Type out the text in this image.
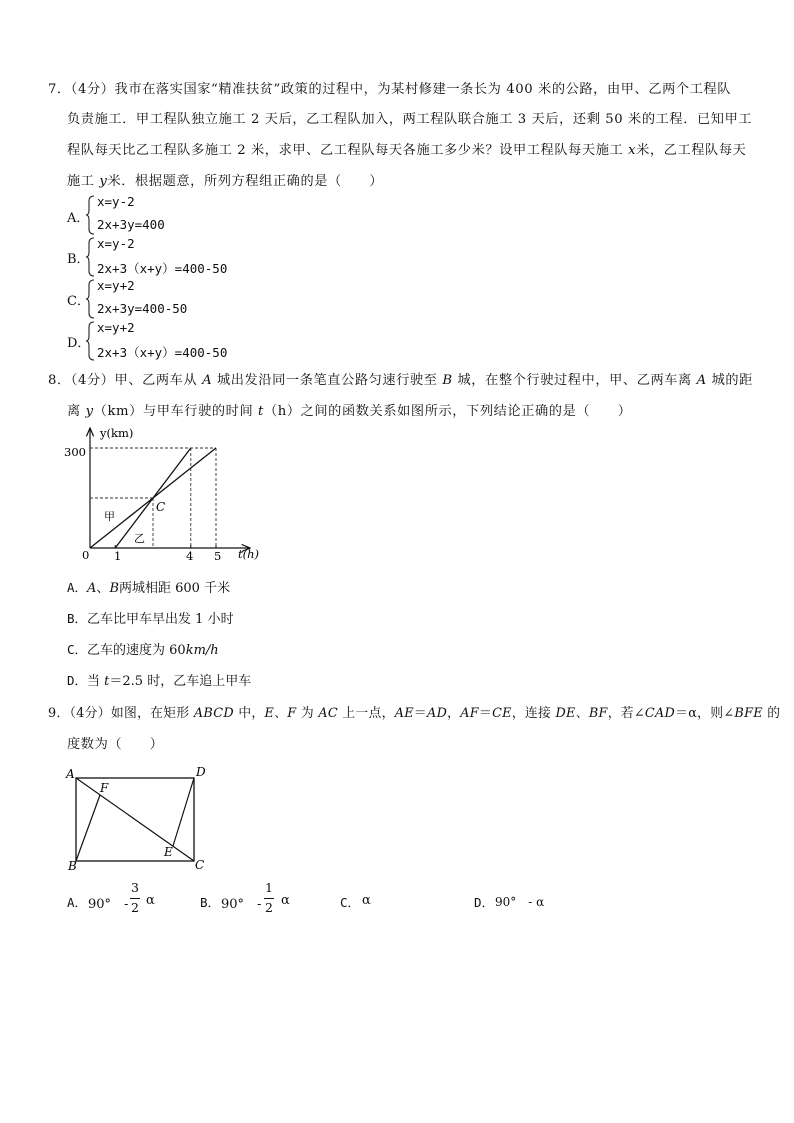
7．（4分）我市在落实国家“精准扶贫”政策的过程中，为某村修建一条长为 400 米的公路，由甲、乙两个工程队
负责施工．甲工程队独立施工 2 天后，乙工程队加入，两工程队联合施工 3 天后，还剩 50 米的工程．已知甲工
程队每天比乙工程队多施工 2 米，求甲、乙工程队每天各施工多少米？设甲工程队每天施工 x米，乙工程队每天
施工 y米．根据题意，所列方程组正确的是（　　）
A．
x=y-2
2x+3y=400
B．
x=y-2
2x+3（x+y）=400-50
C．
x=y+2
2x+3y=400-50
D．
x=y+2
2x+3（x+y）=400-50
8．（4分）甲、乙两车从 A 城出发沿同一条笔直公路匀速行驶至 B 城，在整个行驶过程中，甲、乙两车离 A 城的距
离 y（km）与甲车行驶的时间 t（h）之间的函数关系如图所示，下列结论正确的是（　　）
y(km)
t(h)
0
300
1	4 5
C
甲
乙
A．A、B两城相距 600 千米
B．乙车比甲车早出发 1 小时
C．乙车的速度为 60km/h
D．当 t＝2.5 时，乙车追上甲车
9．（4分）如图，在矩形 ABCD 中，E、F 为 AC 上一点，AE＝AD，AF＝CE，连接 DE、BF，若∠CAD＝α，则∠BFE 的
度数为（　　）
A	D
B	C
E
F
A． 90°　-
3
2 α	B． 90°　-
1
2 α	C． α	D． 90°　- α
